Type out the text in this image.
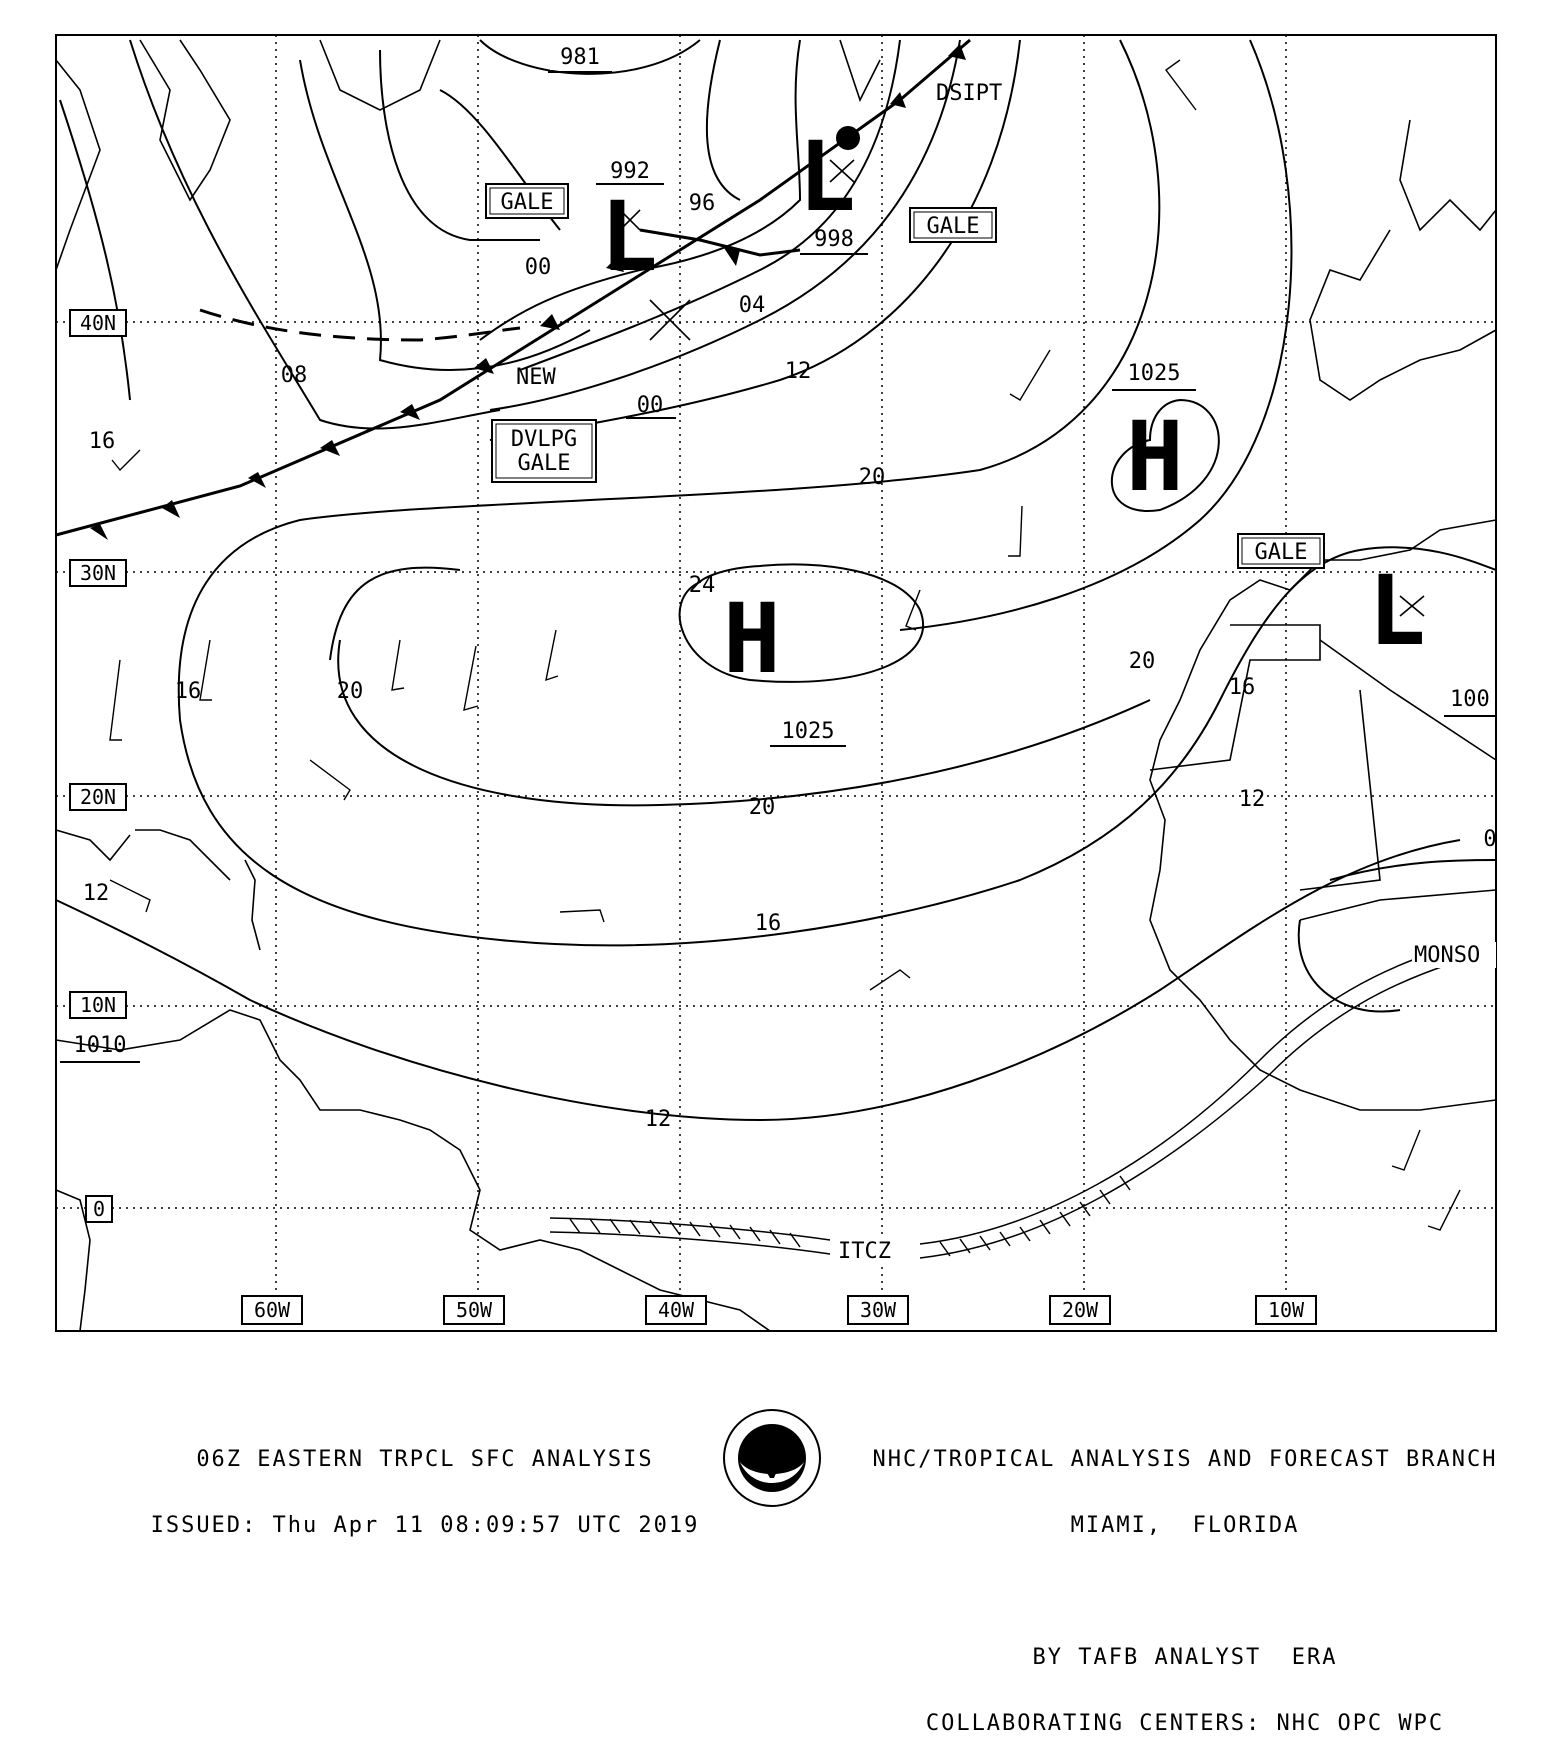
40N
30N
20N
10N
0
60W	50W	40W	30W	20W	10W
L
992 L
998
H
1025
H
1025
L
100
981
96
00
04
08	12
16
00
20
24
20
16
20
20
16
12
12
16
12
1010
0
GALE
GALE
DVLPG
GALE
GALE
DSIPT
NEW
ITCZ
MONSO

06Z EASTERN TRPCL SFC ANALYSIS

ISSUED: Thu Apr 11 08:09:57 UTC 2019

NOAA

NHC/TROPICAL ANALYSIS AND FORECAST BRANCH

MIAMI,  FLORIDA

BY TAFB ANALYST  ERA

COLLABORATING CENTERS: NHC OPC WPC
